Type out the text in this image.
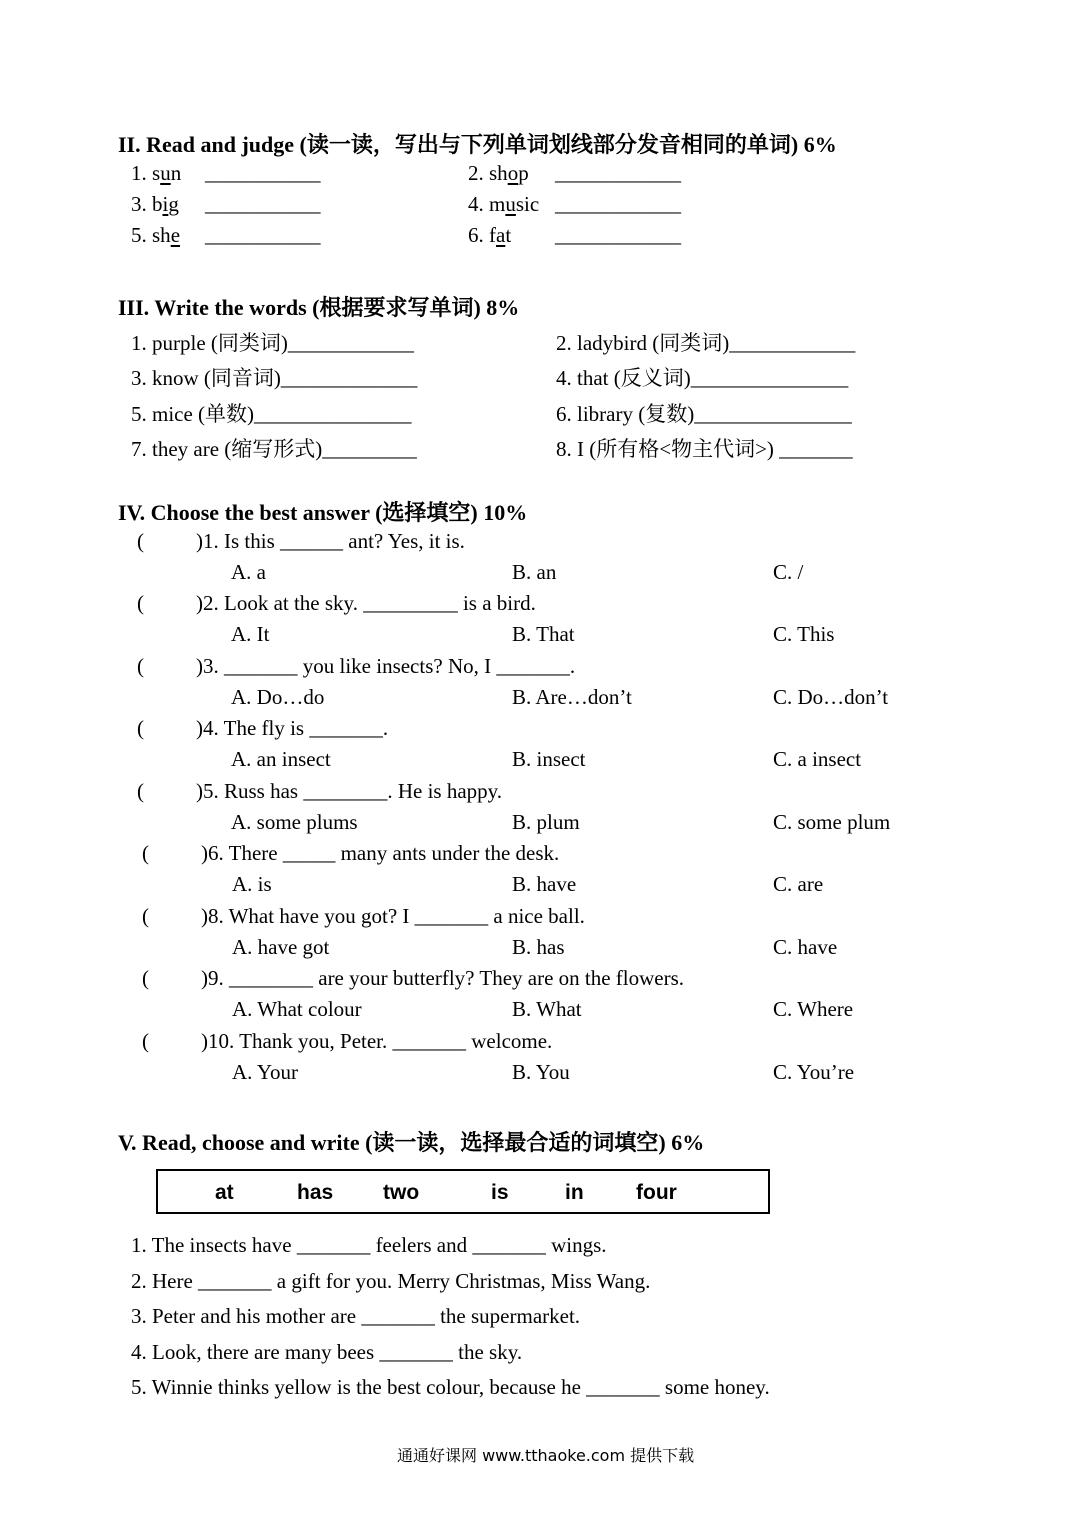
II. Read and judge (读一读，写出与下列单词划线部分发音相同的单词) 6%
1. sun ___________	2. shop ____________
3. big ___________	4. music ____________
5. she ___________	6. fat ____________
III. Write the words (根据要求写单词) 8%
1. purple (同类词)____________	2. ladybird (同类词)____________
3. know (同音词)_____________	4. that (反义词)_______________
5. mice (单数)_______________	6. library (复数)_______________
7. they are (缩写形式)_________	8. I (所有格<物主代词>) _______
IV. Choose the best answer (选择填空) 10%
( )1. Is this ______ ant? Yes, it is.
A. a	B. an	C. /
( )2. Look at the sky. _________ is a bird.
A. It	B. That	C. This
( )3. _______ you like insects? No, I _______.
A. Do…do	B. Are…don’t	C. Do…don’t
( )4. The fly is _______.
A. an insect	B. insect	C. a insect
( )5. Russ has ________. He is happy.
A. some plums	B. plum	C. some plum
( )6. There _____ many ants under the desk.
A. is	B. have	C. are
( )8. What have you got? I _______ a nice ball.
A. have got	B. has	C. have
( )9. ________ are your butterfly? They are on the flowers.
A. What colour	B. What	C. Where
( )10. Thank you, Peter. _______ welcome.
A. Your	B. You	C. You’re
V. Read, choose and write (读一读，选择最合适的词填空) 6%
at	has two	is	in four
1. The insects have _______ feelers and _______ wings.
2. Here _______ a gift for you. Merry Christmas, Miss Wang.
3. Peter and his mother are _______ the supermarket.
4. Look, there are many bees _______ the sky.
5. Winnie thinks yellow is the best colour, because he _______ some honey.
通通好课网 www.tthaoke.com 提供下载
